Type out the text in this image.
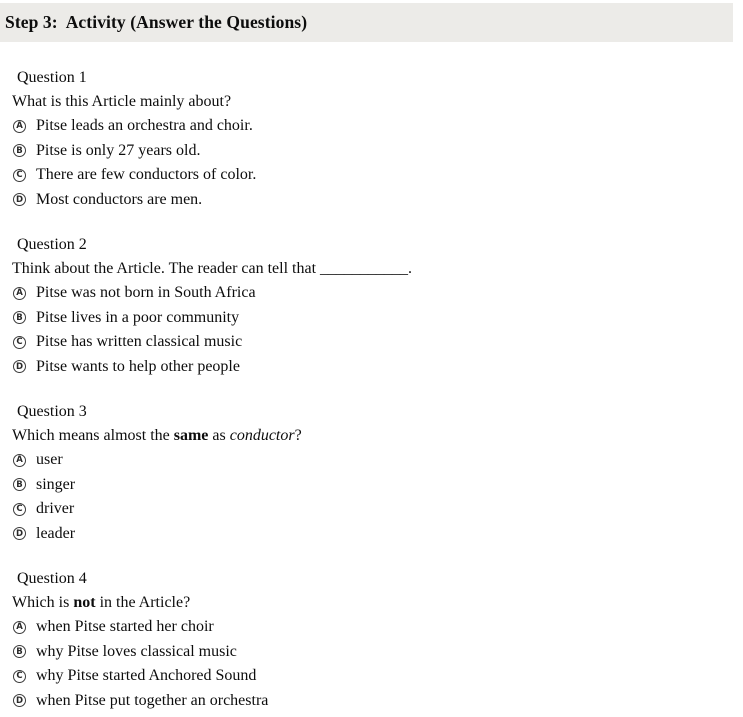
Step 3:  Activity (Answer the Questions)
Question 1
What is this Article mainly about?
A Pitse leads an orchestra and choir.
B Pitse is only 27 years old.
C There are few conductors of color.
D Most conductors are men.
Question 2
Think about the Article. The reader can tell that ___________.
A Pitse was not born in South Africa
B Pitse lives in a poor community
C Pitse has written classical music
D Pitse wants to help other people
Question 3
Which means almost the same as conductor?
A user
B singer
C driver
D leader
Question 4
Which is not in the Article?
A when Pitse started her choir
B why Pitse loves classical music
C why Pitse started Anchored Sound
D when Pitse put together an orchestra
